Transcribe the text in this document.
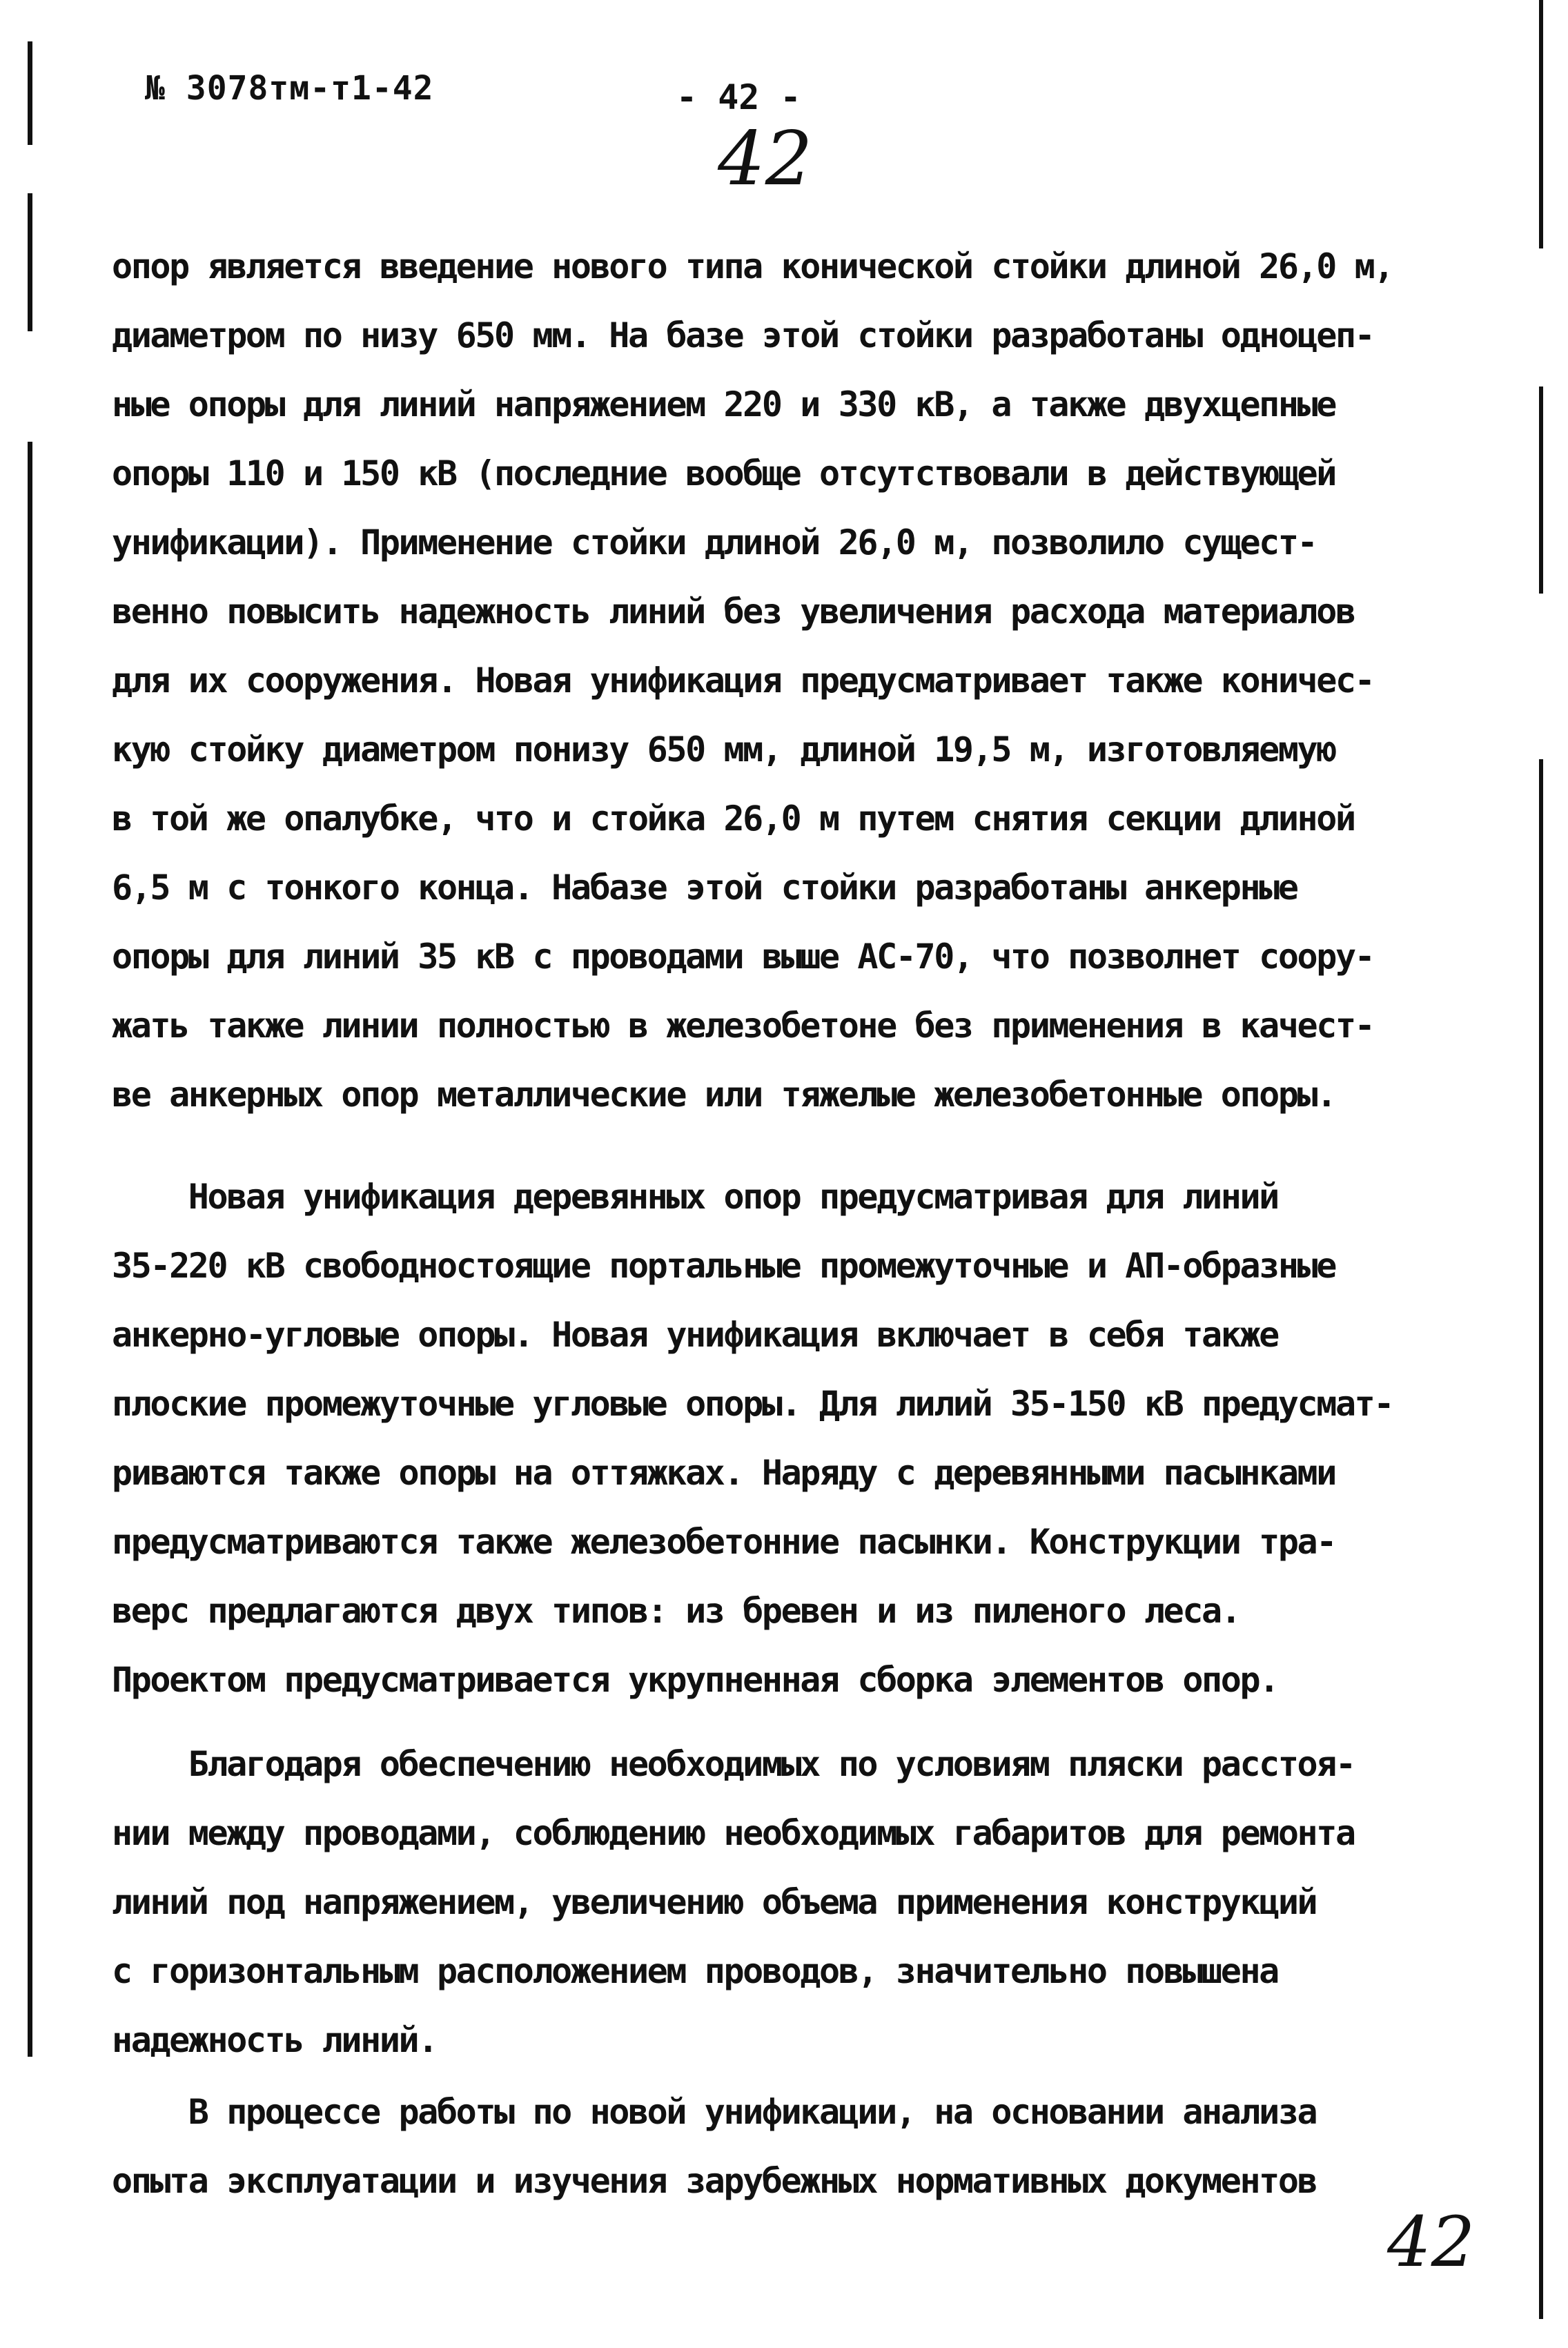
№ 3078тм-т1-42	- 42 -
42
опор является введение нового типа конической стойки длиной 26,0 м,
диаметром по низу 650 мм. На базе этой стойки разработаны одноцеп-
ные опоры для линий напряжением 220 и 330 кВ, а также двухцепные
опоры 110 и 150 кВ (последние вообще отсутствовали в действующей
унификации). Применение стойки длиной 26,0 м, позволило сущест-
венно повысить надежность линий без увеличения расхода материалов
для их сооружения. Новая унификация предусматривает также коничес-
кую стойку диаметром понизу 650 мм, длиной 19,5 м, изготовляемую
в той же опалубке, что и стойка 26,0 м путем снятия секции длиной
6,5 м с тонкого конца. Набазе этой стойки разработаны анкерные
опоры для линий 35 кВ с проводами выше АС-70, что позволнет соору-
жать также линии полностью в железобетоне без применения в качест-
ве анкерных опор металлические или тяжелые железобетонные опоры.
Новая унификация деревянных опор предусматривая для линий
35-220 кВ свободностоящие портальные промежуточные и АП-образные
анкерно-угловые опоры. Новая унификация включает в себя также
плоские промежуточные угловые опоры. Для лилий 35-150 кВ предусмат-
риваются также опоры на оттяжках. Наряду с деревянными пасынками
предусматриваются также железобетонние пасынки. Конструкции тра-
верс предлагаются двух типов: из бревен и из пиленого леса.
Проектом предусматривается укрупненная сборка элементов опор.
Благодаря обеспечению необходимых по условиям пляски расстоя-
нии между проводами, соблюдению необходимых габаритов для ремонта
линий под напряжением, увеличению объема применения конструкций
с горизонтальным расположением проводов, значительно повышена
надежность линий.
В процессе работы по новой унификации, на основании анализа
опыта эксплуатации и изучения зарубежных нормативных документов
42
